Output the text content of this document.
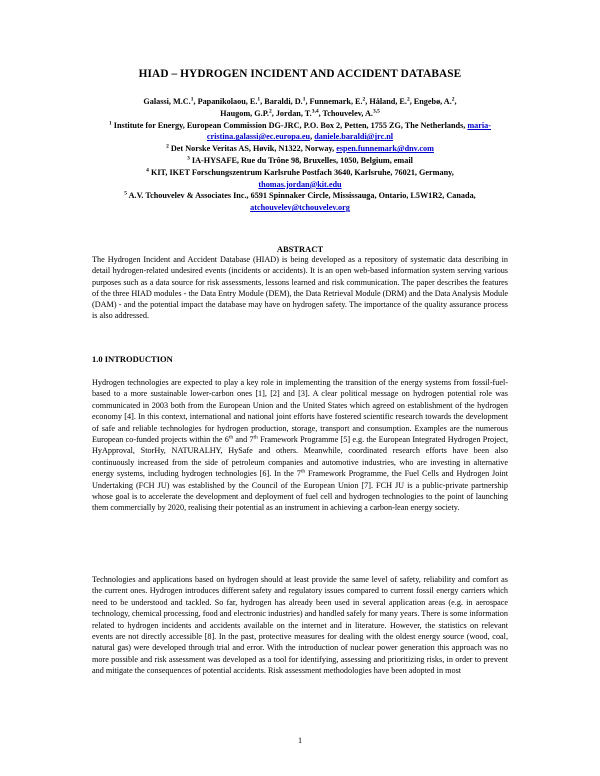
HIAD – HYDROGEN INCIDENT AND ACCIDENT DATABASE
Galassi, M.C.$^1$, Papanikolaou, E.$^1$, Baraldi, D.$^1$, Funnemark, E.$^2$, Håland, E.$^2$, Engebø, A.$^2$,
Haugom, G.P.$^2$, Jordan, T.$^{3,4}$, Tchouvelev, A.$^{3,5}$
$^1$ Institute for Energy, European Commission DG-JRC, P.O. Box 2, Petten, 1755 ZG, The Netherlands, maria-cristina.galassi@ec.europa.eu, daniele.baraldi@jrc.nl
$^2$ Det Norske Veritas AS, Høvik, N1322, Norway, espen.funnemark@dnv.com
$^3$ IA-HYSAFE, Rue du Trône 98, Bruxelles, 1050, Belgium, email
$^4$ KIT, IKET Forschungszentrum Karlsruhe Postfach 3640, Karlsruhe, 76021, Germany,
thomas.jordan@kit.edu
$^5$ A.V. Tchouvelev & Associates Inc., 6591 Spinnaker Circle, Mississauga, Ontario, L5W1R2, Canada, atchouvelev@tchouvelev.org
ABSTRACT
The Hydrogen Incident and Accident Database (HIAD) is being developed as a repository of systematic data describing in detail hydrogen-related undesired events (incidents or accidents). It is an open web-based information system serving various purposes such as a data source for risk assessments, lessons learned and risk communication. The paper describes the features of the three HIAD modules - the Data Entry Module (DEM), the Data Retrieval Module (DRM) and the Data Analysis Module (DAM) - and the potential impact the database may have on hydrogen safety. The importance of the quality assurance process is also addressed.
1.0 INTRODUCTION
Hydrogen technologies are expected to play a key role in implementing the transition of the energy systems from fossil-fuel-based to a more sustainable lower-carbon ones [1], [2] and [3]. A clear political message on hydrogen potential role was communicated in 2003 both from the European Union and the United States which agreed on establishment of the hydrogen economy [4]. In this context, international and national joint efforts have fostered scientific research towards the development of safe and reliable technologies for hydrogen production, storage, transport and consumption. Examples are the numerous European co-funded projects within the 6th and 7th Framework Programme [5] e.g. the European Integrated Hydrogen Project, HyApproval, StorHy, NATURALHY, HySafe and others. Meanwhile, coordinated research efforts have been also continuously increased from the side of petroleum companies and automotive industries, who are investing in alternative energy systems, including hydrogen technologies [6]. In the 7th Framework Programme, the Fuel Cells and Hydrogen Joint Undertaking (FCH JU) was established by the Council of the European Union [7]. FCH JU is a public-private partnership whose goal is to accelerate the development and deployment of fuel cell and hydrogen technologies to the point of launching them commercially by 2020, realising their potential as an instrument in achieving a carbon-lean energy society.
Technologies and applications based on hydrogen should at least provide the same level of safety, reliability and comfort as the current ones. Hydrogen introduces different safety and regulatory issues compared to current fossil energy carriers which need to be understood and tackled. So far, hydrogen has already been used in several application areas (e.g. in aerospace technology, chemical processing, food and electronic industries) and handled safely for many years. There is some information related to hydrogen incidents and accidents available on the internet and in literature. However, the statistics on relevant events are not directly accessible [8]. In the past, protective measures for dealing with the oldest energy source (wood, coal, natural gas) were developed through trial and error. With the introduction of nuclear power generation this approach was no more possible and risk assessment was developed as a tool for identifying, assessing and prioritizing risks, in order to prevent and mitigate the consequences of potential accidents. Risk assessment methodologies have been adopted in most
1
